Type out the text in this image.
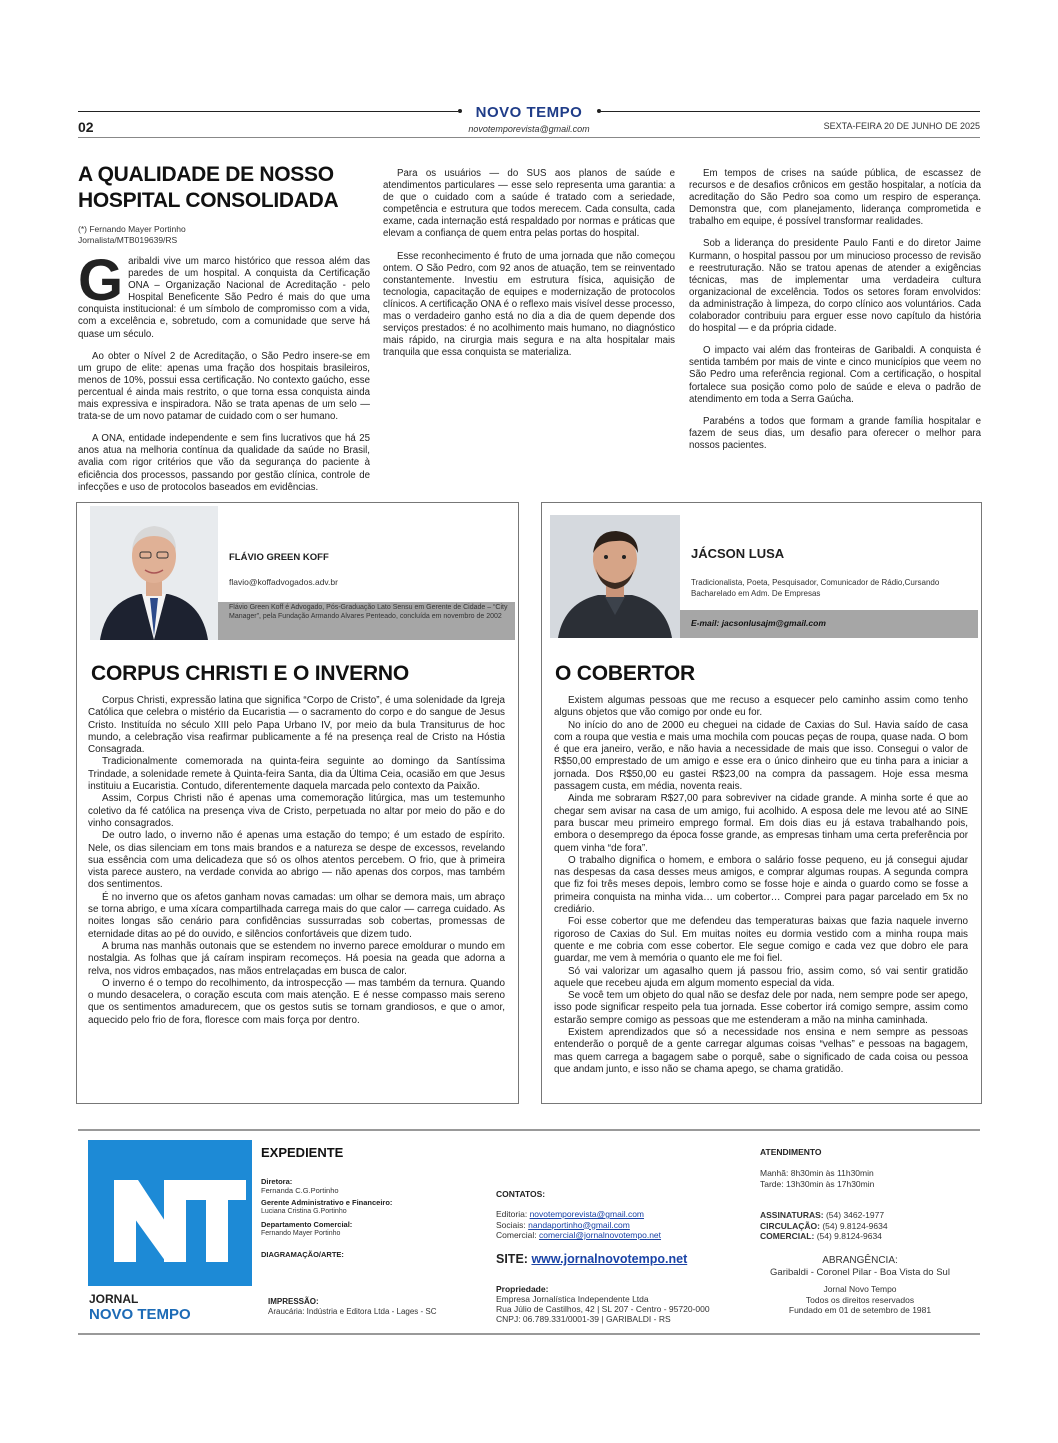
NOVO TEMPO
novotemporevista@gmail.com
02	SEXTA-FEIRA 20 DE JUNHO DE 2025
A QUALIDADE DE NOSSO
HOSPITAL CONSOLIDADA
(*) Fernando Mayer Portinho
Jornalista/MTB019639/RS

Garibaldi vive um marco histórico que ressoa além das paredes de um hospital. A conquista da Certificação ONA – Organização Nacional de Acreditação - pelo Hospital Beneficente São Pedro é mais do que uma conquista institucional: é um símbolo de compromisso com a vida, com a excelência e, sobretudo, com a comunidade que serve há quase um século.

Ao obter o Nível 2 de Acreditação, o São Pedro insere-se em um grupo de elite: apenas uma fração dos hospitais brasileiros, menos de 10%, possui essa certificação. No contexto gaúcho, esse percentual é ainda mais restrito, o que torna essa conquista ainda mais expressiva e inspiradora. Não se trata apenas de um selo — trata-se de um novo patamar de cuidado com o ser humano.

A ONA, entidade independente e sem fins lucrativos que há 25 anos atua na melhoria contínua da qualidade da saúde no Brasil, avalia com rigor critérios que vão da segurança do paciente à eficiência dos processos, passando por gestão clínica, controle de infecções e uso de protocolos baseados em evidências.

Para os usuários — do SUS aos planos de saúde e atendimentos particulares — esse selo representa uma garantia: a de que o cuidado com a saúde é tratado com a seriedade, competência e estrutura que todos merecem. Cada consulta, cada exame, cada internação está respaldado por normas e práticas que elevam a confiança de quem entra pelas portas do hospital.

Esse reconhecimento é fruto de uma jornada que não começou ontem. O São Pedro, com 92 anos de atuação, tem se reinventado constantemente. Investiu em estrutura física, aquisição de tecnologia, capacitação de equipes e modernização de protocolos clínicos. A certificação ONA é o reflexo mais visível desse processo, mas o verdadeiro ganho está no dia a dia de quem depende dos serviços prestados: é no acolhimento mais humano, no diagnóstico mais rápido, na cirurgia mais segura e na alta hospitalar mais tranquila que essa conquista se materializa.

Em tempos de crises na saúde pública, de escassez de recursos e de desafios crônicos em gestão hospitalar, a notícia da acreditação do São Pedro soa como um respiro de esperança. Demonstra que, com planejamento, liderança comprometida e trabalho em equipe, é possível transformar realidades.

Sob a liderança do presidente Paulo Fanti e do diretor Jaime Kurmann, o hospital passou por um minucioso processo de revisão e reestruturação. Não se tratou apenas de atender a exigências técnicas, mas de implementar uma verdadeira cultura organizacional de excelência. Todos os setores foram envolvidos: da administração à limpeza, do corpo clínico aos voluntários. Cada colaborador contribuiu para erguer esse novo capítulo da história do hospital — e da própria cidade.

O impacto vai além das fronteiras de Garibaldi. A conquista é sentida também por mais de vinte e cinco municípios que veem no São Pedro uma referência regional. Com a certificação, o hospital fortalece sua posição como polo de saúde e eleva o padrão de atendimento em toda a Serra Gaúcha.

Parabéns a todos que formam a grande família hospitalar e fazem de seus dias, um desafio para oferecer o melhor para nossos pacientes.

FLÁVIO GREEN KOFF
flavio@koffadvogados.adv.br
Flávio Green Koff é Advogado, Pós-Graduação Lato Sensu em Gerente de Cidade – “City Manager”, pela Fundação Armando Alvares Penteado, concluída em novembro de 2002
CORPUS CHRISTI E O INVERNO

Corpus Christi, expressão latina que significa “Corpo de Cristo”, é uma solenidade da Igreja Católica que celebra o mistério da Eucaristia — o sacramento do corpo e do sangue de Jesus Cristo. Instituída no século XIII pelo Papa Urbano IV, por meio da bula Transiturus de hoc mundo, a celebração visa reafirmar publicamente a fé na presença real de Cristo na Hóstia Consagrada.

Tradicionalmente comemorada na quinta-feira seguinte ao domingo da Santíssima Trindade, a solenidade remete à Quinta-feira Santa, dia da Última Ceia, ocasião em que Jesus instituiu a Eucaristia. Contudo, diferentemente daquela marcada pelo contexto da Paixão.

Assim, Corpus Christi não é apenas uma comemoração litúrgica, mas um testemunho coletivo da fé católica na presença viva de Cristo, perpetuada no altar por meio do pão e do vinho consagrados.

De outro lado, o inverno não é apenas uma estação do tempo; é um estado de espírito. Nele, os dias silenciam em tons mais brandos e a natureza se despe de excessos, revelando sua essência com uma delicadeza que só os olhos atentos percebem. O frio, que à primeira vista parece austero, na verdade convida ao abrigo — não apenas dos corpos, mas também dos sentimentos.

É no inverno que os afetos ganham novas camadas: um olhar se demora mais, um abraço se torna abrigo, e uma xícara compartilhada carrega mais do que calor — carrega cuidado. As noites longas são cenário para confidências sussurradas sob cobertas, promessas de eternidade ditas ao pé do ouvido, e silêncios confortáveis que dizem tudo.

A bruma nas manhãs outonais que se estendem no inverno parece emoldurar o mundo em nostalgia. As folhas que já caíram inspiram recomeços. Há poesia na geada que adorna a relva, nos vidros embaçados, nas mãos entrelaçadas em busca de calor.

O inverno é o tempo do recolhimento, da introspecção — mas também da ternura. Quando o mundo desacelera, o coração escuta com mais atenção. E é nesse compasso mais sereno que os sentimentos amadurecem, que os gestos sutis se tornam grandiosos, e que o amor, aquecido pelo frio de fora, floresce com mais força por dentro.

JÁCSON LUSA
Tradicionalista, Poeta, Pesquisador, Comunicador de Rádio,Cursando Bacharelado em Adm. De Empresas
E-mail: jacsonlusajm@gmail.com
O COBERTOR

Existem algumas pessoas que me recuso a esquecer pelo caminho assim como tenho alguns objetos que vão comigo por onde eu for.

No início do ano de 2000 eu cheguei na cidade de Caxias do Sul. Havia saído de casa com a roupa que vestia e mais uma mochila com poucas peças de roupa, quase nada. O bom é que era janeiro, verão, e não havia a necessidade de mais que isso. Consegui o valor de R$50,00 emprestado de um amigo e esse era o único dinheiro que eu tinha para a iniciar a jornada. Dos R$50,00 eu gastei R$23,00 na compra da passagem. Hoje essa mesma passagem custa, em média, noventa reais.

Ainda me sobraram R$27,00 para sobreviver na cidade grande. A minha sorte é que ao chegar sem avisar na casa de um amigo, fui acolhido. A esposa dele me levou até ao SINE para buscar meu primeiro emprego formal. Em dois dias eu já estava trabalhando pois, embora o desemprego da época fosse grande, as empresas tinham uma certa preferência por quem vinha “de fora”.

O trabalho dignifica o homem, e embora o salário fosse pequeno, eu já consegui ajudar nas despesas da casa desses meus amigos, e comprar algumas roupas. A segunda compra que fiz foi três meses depois, lembro como se fosse hoje e ainda o guardo como se fosse a primeira conquista na minha vida… um cobertor… Comprei para pagar parcelado em 5x no crediário.

Foi esse cobertor que me defendeu das temperaturas baixas que fazia naquele inverno rigoroso de Caxias do Sul. Em muitas noites eu dormia vestido com a minha roupa mais quente e me cobria com esse cobertor. Ele segue comigo e cada vez que dobro ele para guardar, me vem à memória o quanto ele me foi fiel.

Só vai valorizar um agasalho quem já passou frio, assim como, só vai sentir gratidão aquele que recebeu ajuda em algum momento especial da vida.

Se você tem um objeto do qual não se desfaz dele por nada, nem sempre pode ser apego, isso pode significar respeito pela tua jornada. Esse cobertor irá comigo sempre, assim como estarão sempre comigo as pessoas que me estenderam a mão na minha caminhada.

Existem aprendizados que só a necessidade nos ensina e nem sempre as pessoas entenderão o porquê de a gente carregar algumas coisas “velhas” e pessoas na bagagem, mas quem carrega a bagagem sabe o porquê, sabe o significado de cada coisa ou pessoa que andam junto, e isso não se chama apego, se chama gratidão.

JORNAL
NOVO TEMPO
EXPEDIENTE
Diretora:
Fernanda C.G.Portinho
Gerente Administrativo e Financeiro:
Luciana Cristina G.Portinho
Departamento Comercial:
Fernando Mayer Portinho
DIAGRAMAÇÃO/ARTE:
IMPRESSÃO:
Araucária: Indústria e Editora Ltda - Lages - SC
CONTATOS:
Editoria: novotemporevista@gmail.com
Sociais: nandaportinho@gmail.com
Comercial: comercial@jornalnovotempo.net
SITE: www.jornalnovotempo.net
Propriedade:
Empresa Jornalística Independente Ltda
Rua Júlio de Castilhos, 42 | SL 207 - Centro - 95720-000
CNPJ: 06.789.331/0001-39 | GARIBALDI - RS
ATENDIMENTO
Manhã: 8h30min às 11h30min
Tarde: 13h30min às 17h30min
ASSINATURAS: (54) 3462-1977
CIRCULAÇÃO: (54) 9.8124-9634
COMERCIAL: (54) 9.8124-9634
ABRANGÊNCIA:
Garibaldi - Coronel Pilar - Boa Vista do Sul
Jornal Novo Tempo
Todos os direitos reservados
Fundado em 01 de setembro de 1981
